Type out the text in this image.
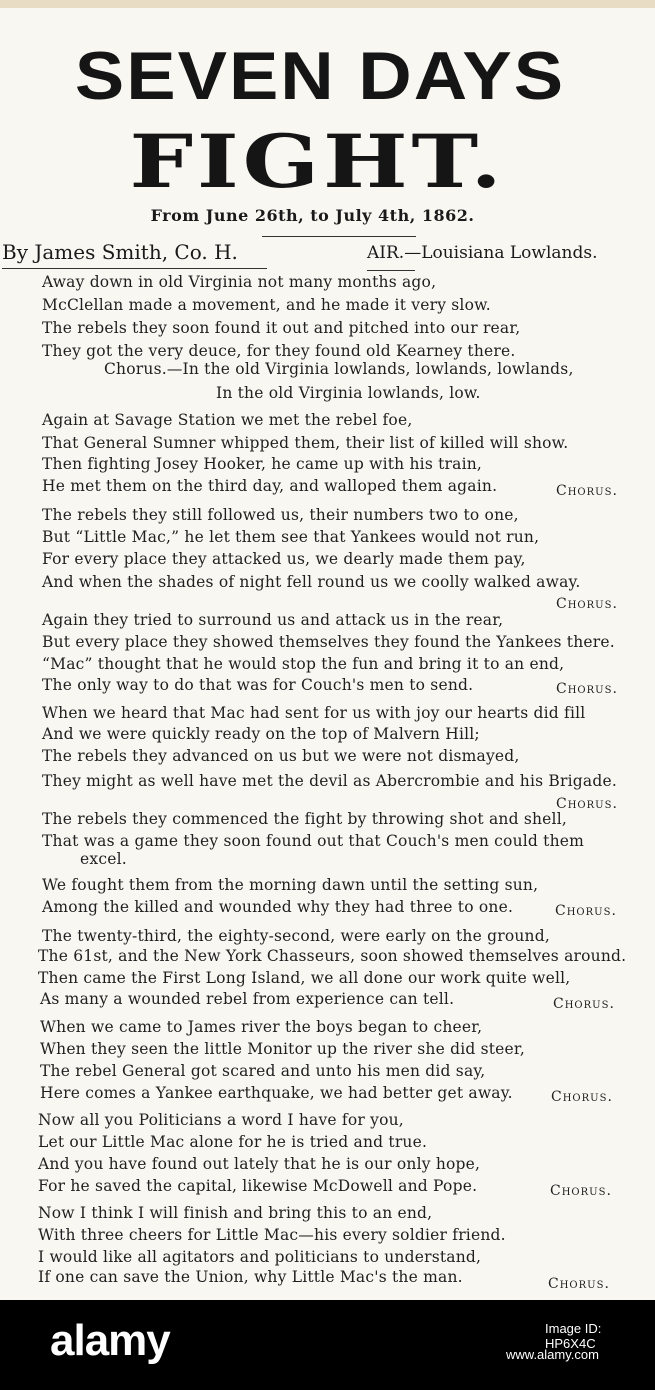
SEVEN DAYS
FIGHT.
From June 26th, to July 4th, 1862.
By James Smith, Co. H.	AIR.—Louisiana Lowlands.
Away down in old Virginia not many months ago,
McClellan made a movement, and he made it very slow.
The rebels they soon found it out and pitched into our rear,
They got the very deuce, for they found old Kearney there.
Chorus.—In the old Virginia lowlands, lowlands, lowlands,
In the old Virginia lowlands, low.
Again at Savage Station we met the rebel foe,
That General Sumner whipped them, their list of killed will show.
Then fighting Josey Hooker, he came up with his train,
He met them on the third day, and walloped them again.	Chorus.
The rebels they still followed us, their numbers two to one,
But “Little Mac,” he let them see that Yankees would not run,
For every place they attacked us, we dearly made them pay,
And when the shades of night fell round us we coolly walked away.
Chorus.
Again they tried to surround us and attack us in the rear,
But every place they showed themselves they found the Yankees there.
“Mac” thought that he would stop the fun and bring it to an end,
The only way to do that was for Couch's men to send.	Chorus.
When we heard that Mac had sent for us with joy our hearts did fill
And we were quickly ready on the top of Malvern Hill;
The rebels they advanced on us but we were not dismayed,
They might as well have met the devil as Abercrombie and his Brigade.
Chorus.
The rebels they commenced the fight by throwing shot and shell,
That was a game they soon found out that Couch's men could them
excel.
We fought them from the morning dawn until the setting sun,
Among the killed and wounded why they had three to one.	Chorus.
The twenty-third, the eighty-second, were early on the ground,
The 61st, and the New York Chasseurs, soon showed themselves around.
Then came the First Long Island, we all done our work quite well,
As many a wounded rebel from experience can tell.	Chorus.
When we came to James river the boys began to cheer,
When they seen the little Monitor up the river she did steer,
The rebel General got scared and unto his men did say,
Here comes a Yankee earthquake, we had better get away.	Chorus.
Now all you Politicians a word I have for you,
Let our Little Mac alone for he is tried and true.
And you have found out lately that he is our only hope,
For he saved the capital, likewise McDowell and Pope.	Chorus.
Now I think I will finish and bring this to an end,
With three cheers for Little Mac—his every soldier friend.
I would like all agitators and politicians to understand,
If one can save the Union, why Little Mac's the man.	Chorus.
alamy	Image ID: HP6X4C
www.alamy.com
